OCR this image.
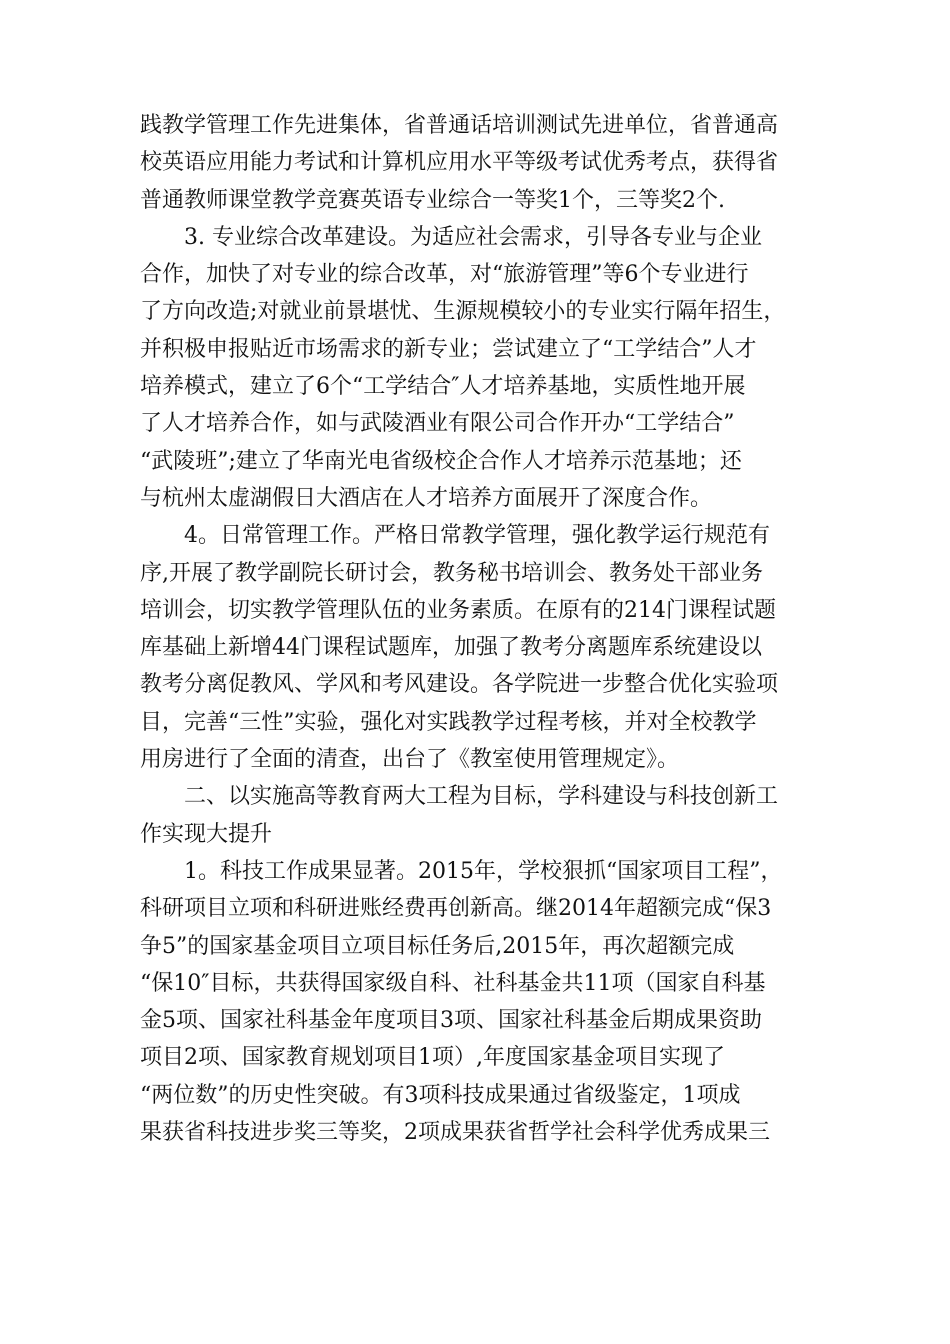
践教学管理工作先进集体，省普通话培训测试先进单位，省普通高
校英语应用能力考试和计算机应用水平等级考试优秀考点，获得省
普通教师课堂教学竞赛英语专业综合一等奖1个，三等奖2个.
3. 专业综合改革建设。为适应社会需求，引导各专业与企业
合作，加快了对专业的综合改革，对“旅游管理”等6个专业进行
了方向改造;对就业前景堪忧、生源规模较小的专业实行隔年招生，
并积极申报贴近市场需求的新专业；尝试建立了“工学结合”人才
培养模式，建立了6个“工学结合″人才培养基地，实质性地开展
了人才培养合作，如与武陵酒业有限公司合作开办“工学结合”
“武陵班”;建立了华南光电省级校企合作人才培养示范基地；还
与杭州太虚湖假日大酒店在人才培养方面展开了深度合作。
4。日常管理工作。严格日常教学管理，强化教学运行规范有
序,开展了教学副院长研讨会，教务秘书培训会、教务处干部业务
培训会，切实教学管理队伍的业务素质。在原有的214门课程试题
库基础上新增44门课程试题库，加强了教考分离题库系统建设以
教考分离促教风、学风和考风建设。各学院进一步整合优化实验项
目，完善“三性”实验，强化对实践教学过程考核，并对全校教学
用房进行了全面的清查，出台了《教室使用管理规定》。
二、以实施高等教育两大工程为目标，学科建设与科技创新工
作实现大提升
1。科技工作成果显著。2015年，学校狠抓“国家项目工程”，
科研项目立项和科研进账经费再创新高。继2014年超额完成“保3
争5”的国家基金项目立项目标任务后,2015年，再次超额完成
“保10″目标，共获得国家级自科、社科基金共11项（国家自科基
金5项、国家社科基金年度项目3项、国家社科基金后期成果资助
项目2项、国家教育规划项目1项）,年度国家基金项目实现了
“两位数”的历史性突破。有3项科技成果通过省级鉴定，1项成
果获省科技进步奖三等奖，2项成果获省哲学社会科学优秀成果三
